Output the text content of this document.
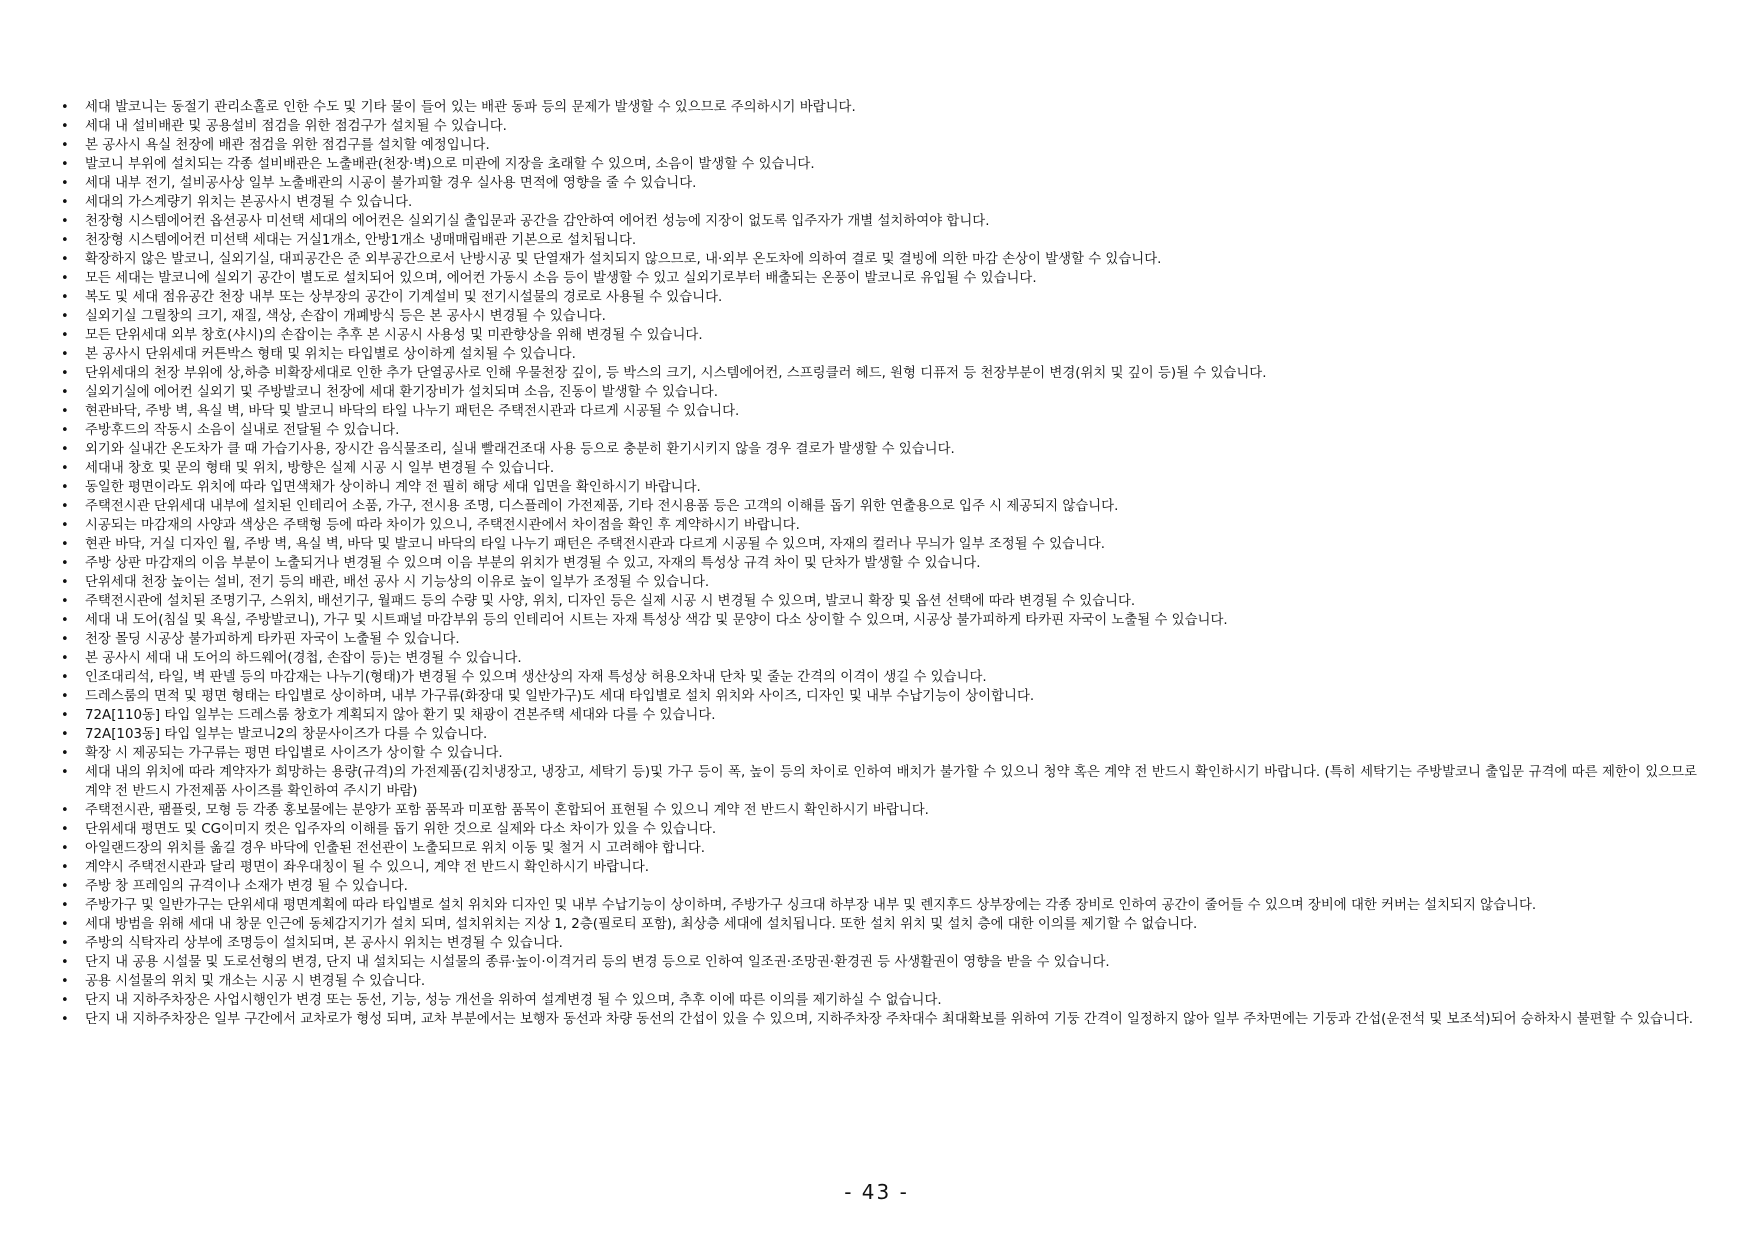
• 세대 발코니는 동절기 관리소홀로 인한 수도 및 기타 물이 들어 있는 배관 동파 등의 문제가 발생할 수 있으므로 주의하시기 바랍니다.
• 세대 내 설비배관 및 공용설비 점검을 위한 점검구가 설치될 수 있습니다.
• 본 공사시 욕실 천장에 배관 점검을 위한 점검구를 설치할 예정입니다.
• 발코니 부위에 설치되는 각종 설비배관은 노출배관(천장·벽)으로 미관에 지장을 초래할 수 있으며, 소음이 발생할 수 있습니다.
• 세대 내부 전기, 설비공사상 일부 노출배관의 시공이 불가피할 경우 실사용 면적에 영향을 줄 수 있습니다.
• 세대의 가스계량기 위치는 본공사시 변경될 수 있습니다.
• 천장형 시스템에어컨 옵션공사 미선택 세대의 에어컨은 실외기실 출입문과 공간을 감안하여 에어컨 성능에 지장이 없도록 입주자가 개별 설치하여야 합니다.
• 천장형 시스템에어컨 미선택 세대는 거실1개소, 안방1개소 냉매매립배관 기본으로 설치됩니다.
• 확장하지 않은 발코니, 실외기실, 대피공간은 준 외부공간으로서 난방시공 및 단열재가 설치되지 않으므로, 내·외부 온도차에 의하여 결로 및 결빙에 의한 마감 손상이 발생할 수 있습니다.
• 모든 세대는 발코니에 실외기 공간이 별도로 설치되어 있으며, 에어컨 가동시 소음 등이 발생할 수 있고 실외기로부터 배출되는 온풍이 발코니로 유입될 수 있습니다.
• 복도 및 세대 점유공간 천장 내부 또는 상부장의 공간이 기계설비 및 전기시설물의 경로로 사용될 수 있습니다.
• 실외기실 그릴창의 크기, 재질, 색상, 손잡이 개폐방식 등은 본 공사시 변경될 수 있습니다.
• 모든 단위세대 외부 창호(샤시)의 손잡이는 추후 본 시공시 사용성 및 미관향상을 위해 변경될 수 있습니다.
• 본 공사시 단위세대 커튼박스 형태 및 위치는 타입별로 상이하게 설치될 수 있습니다.
• 단위세대의 천장 부위에 상,하층 비확장세대로 인한 추가 단열공사로 인해 우물천장 깊이, 등 박스의 크기, 시스템에어컨, 스프링클러 헤드, 원형 디퓨저 등 천장부분이 변경(위치 및 깊이 등)될 수 있습니다.
• 실외기실에 에어컨 실외기 및 주방발코니 천장에 세대 환기장비가 설치되며 소음, 진동이 발생할 수 있습니다.
• 현관바닥, 주방 벽, 욕실 벽, 바닥 및 발코니 바닥의 타일 나누기 패턴은 주택전시관과 다르게 시공될 수 있습니다.
• 주방후드의 작동시 소음이 실내로 전달될 수 있습니다.
• 외기와 실내간 온도차가 클 때 가습기사용, 장시간 음식물조리, 실내 빨래건조대 사용 등으로 충분히 환기시키지 않을 경우 결로가 발생할 수 있습니다.
• 세대내 창호 및 문의 형태 및 위치, 방향은 실제 시공 시 일부 변경될 수 있습니다.
• 동일한 평면이라도 위치에 따라 입면색채가 상이하니 계약 전 필히 해당 세대 입면을 확인하시기 바랍니다.
• 주택전시관 단위세대 내부에 설치된 인테리어 소품, 가구, 전시용 조명, 디스플레이 가전제품, 기타 전시용품 등은 고객의 이해를 돕기 위한 연출용으로 입주 시 제공되지 않습니다.
• 시공되는 마감재의 사양과 색상은 주택형 등에 따라 차이가 있으니, 주택전시관에서 차이점을 확인 후 계약하시기 바랍니다.
• 현관 바닥, 거실 디자인 월, 주방 벽, 욕실 벽, 바닥 및 발코니 바닥의 타일 나누기 패턴은 주택전시관과 다르게 시공될 수 있으며, 자재의 컬러나 무늬가 일부 조정될 수 있습니다.
• 주방 상판 마감재의 이음 부분이 노출되거나 변경될 수 있으며 이음 부분의 위치가 변경될 수 있고, 자재의 특성상 규격 차이 및 단차가 발생할 수 있습니다.
• 단위세대 천장 높이는 설비, 전기 등의 배관, 배선 공사 시 기능상의 이유로 높이 일부가 조정될 수 있습니다.
• 주택전시관에 설치된 조명기구, 스위치, 배선기구, 월패드 등의 수량 및 사양, 위치, 디자인 등은 실제 시공 시 변경될 수 있으며, 발코니 확장 및 옵션 선택에 따라 변경될 수 있습니다.
• 세대 내 도어(침실 및 욕실, 주방발코니), 가구 및 시트패널 마감부위 등의 인테리어 시트는 자재 특성상 색감 및 문양이 다소 상이할 수 있으며, 시공상 불가피하게 타카핀 자국이 노출될 수 있습니다.
• 천장 몰딩 시공상 불가피하게 타카핀 자국이 노출될 수 있습니다.
• 본 공사시 세대 내 도어의 하드웨어(경첩, 손잡이 등)는 변경될 수 있습니다.
• 인조대리석, 타일, 벽 판넬 등의 마감재는 나누기(형태)가 변경될 수 있으며 생산상의 자재 특성상 허용오차내 단차 및 줄눈 간격의 이격이 생길 수 있습니다.
• 드레스룸의 면적 및 평면 형태는 타입별로 상이하며, 내부 가구류(화장대 및 일반가구)도 세대 타입별로 설치 위치와 사이즈, 디자인 및 내부 수납기능이 상이합니다.
• 72A[110동] 타입 일부는 드레스룸 창호가 계획되지 않아 환기 및 채광이 견본주택 세대와 다를 수 있습니다.
• 72A[103동] 타입 일부는 발코니2의 창문사이즈가 다를 수 있습니다.
• 확장 시 제공되는 가구류는 평면 타입별로 사이즈가 상이할 수 있습니다.
• 세대 내의 위치에 따라 계약자가 희망하는 용량(규격)의 가전제품(김치냉장고, 냉장고, 세탁기 등)및 가구 등이 폭, 높이 등의 차이로 인하여 배치가 불가할 수 있으니 청약 혹은 계약 전 반드시 확인하시기 바랍니다. (특히 세탁기는 주방발코니 출입문 규격에 따른 제한이 있으므로 계약 전 반드시 가전제품 사이즈를 확인하여 주시기 바람)
• 주택전시관, 팸플릿, 모형 등 각종 홍보물에는 분양가 포함 품목과 미포함 품목이 혼합되어 표현될 수 있으니 계약 전 반드시 확인하시기 바랍니다.
• 단위세대 평면도 및 CG이미지 컷은 입주자의 이해를 돕기 위한 것으로 실제와 다소 차이가 있을 수 있습니다.
• 아일랜드장의 위치를 옮길 경우 바닥에 인출된 전선관이 노출되므로 위치 이동 및 철거 시 고려해야 합니다.
• 계약시 주택전시관과 달리 평면이 좌우대칭이 될 수 있으니, 계약 전 반드시 확인하시기 바랍니다.
• 주방 창 프레임의 규격이나 소재가 변경 될 수 있습니다.
• 주방가구 및 일반가구는 단위세대 평면계획에 따라 타입별로 설치 위치와 디자인 및 내부 수납기능이 상이하며, 주방가구 싱크대 하부장 내부 및 렌지후드 상부장에는 각종 장비로 인하여 공간이 줄어들 수 있으며 장비에 대한 커버는 설치되지 않습니다.
• 세대 방범을 위해 세대 내 창문 인근에 동체감지기가 설치 되며, 설치위치는 지상 1, 2층(필로티 포함), 최상층 세대에 설치됩니다. 또한 설치 위치 및 설치 층에 대한 이의를 제기할 수 없습니다.
• 주방의 식탁자리 상부에 조명등이 설치되며, 본 공사시 위치는 변경될 수 있습니다.
• 단지 내 공용 시설물 및 도로선형의 변경, 단지 내 설치되는 시설물의 종류·높이·이격거리 등의 변경 등으로 인하여 일조권·조망권·환경권 등 사생활권이 영향을 받을 수 있습니다.
• 공용 시설물의 위치 및 개소는 시공 시 변경될 수 있습니다.
• 단지 내 지하주차장은 사업시행인가 변경 또는 동선, 기능, 성능 개선을 위하여 설계변경 될 수 있으며, 추후 이에 따른 이의를 제기하실 수 없습니다.
• 단지 내 지하주차장은 일부 구간에서 교차로가 형성 되며, 교차 부분에서는 보행자 동선과 차량 동선의 간섭이 있을 수 있으며, 지하주차장 주차대수 최대확보를 위하여 기둥 간격이 일정하지 않아 일부 주차면에는 기둥과 간섭(운전석 및 보조석)되어 승하차시 불편할 수 있습니다.
- 43 -
